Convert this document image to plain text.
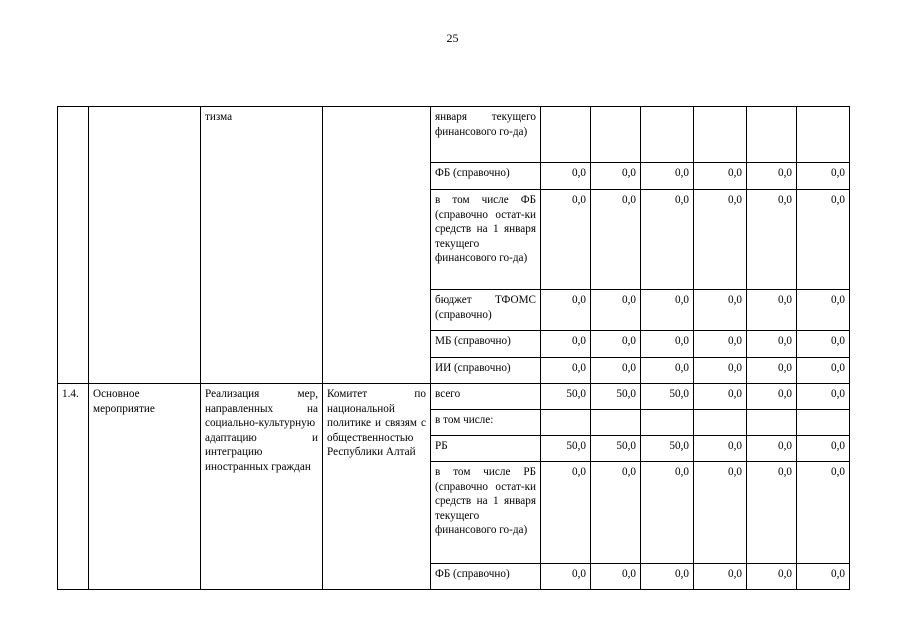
25
		тизма		января текущего финансового го-да)						
				ФБ (справочно)	0,0	0,0	0,0	0,0	0,0	0,0
				в том числе ФБ (справочно остат-ки средств на 1 января текущего финансового го-да)	0,0	0,0	0,0	0,0	0,0	0,0
				бюджет ТФОМС (справочно)	0,0	0,0	0,0	0,0	0,0	0,0
				МБ (справочно)	0,0	0,0	0,0	0,0	0,0	0,0
				ИИ (справочно)	0,0	0,0	0,0	0,0	0,0	0,0
1.4.	Основное мероприятие	Реализация мер, направленных на социально-культурную адаптацию и интеграцию иностранных граждан	Комитет по национальной политике и связям с общественностью Республики Алтай	всего	50,0	50,0	50,0	0,0	0,0	0,0
				в том числе:						
				РБ	50,0	50,0	50,0	0,0	0,0	0,0
				в том числе РБ (справочно остат-ки средств на 1 января текущего финансового го-да)	0,0	0,0	0,0	0,0	0,0	0,0
				ФБ (справочно)	0,0	0,0	0,0	0,0	0,0	0,0
